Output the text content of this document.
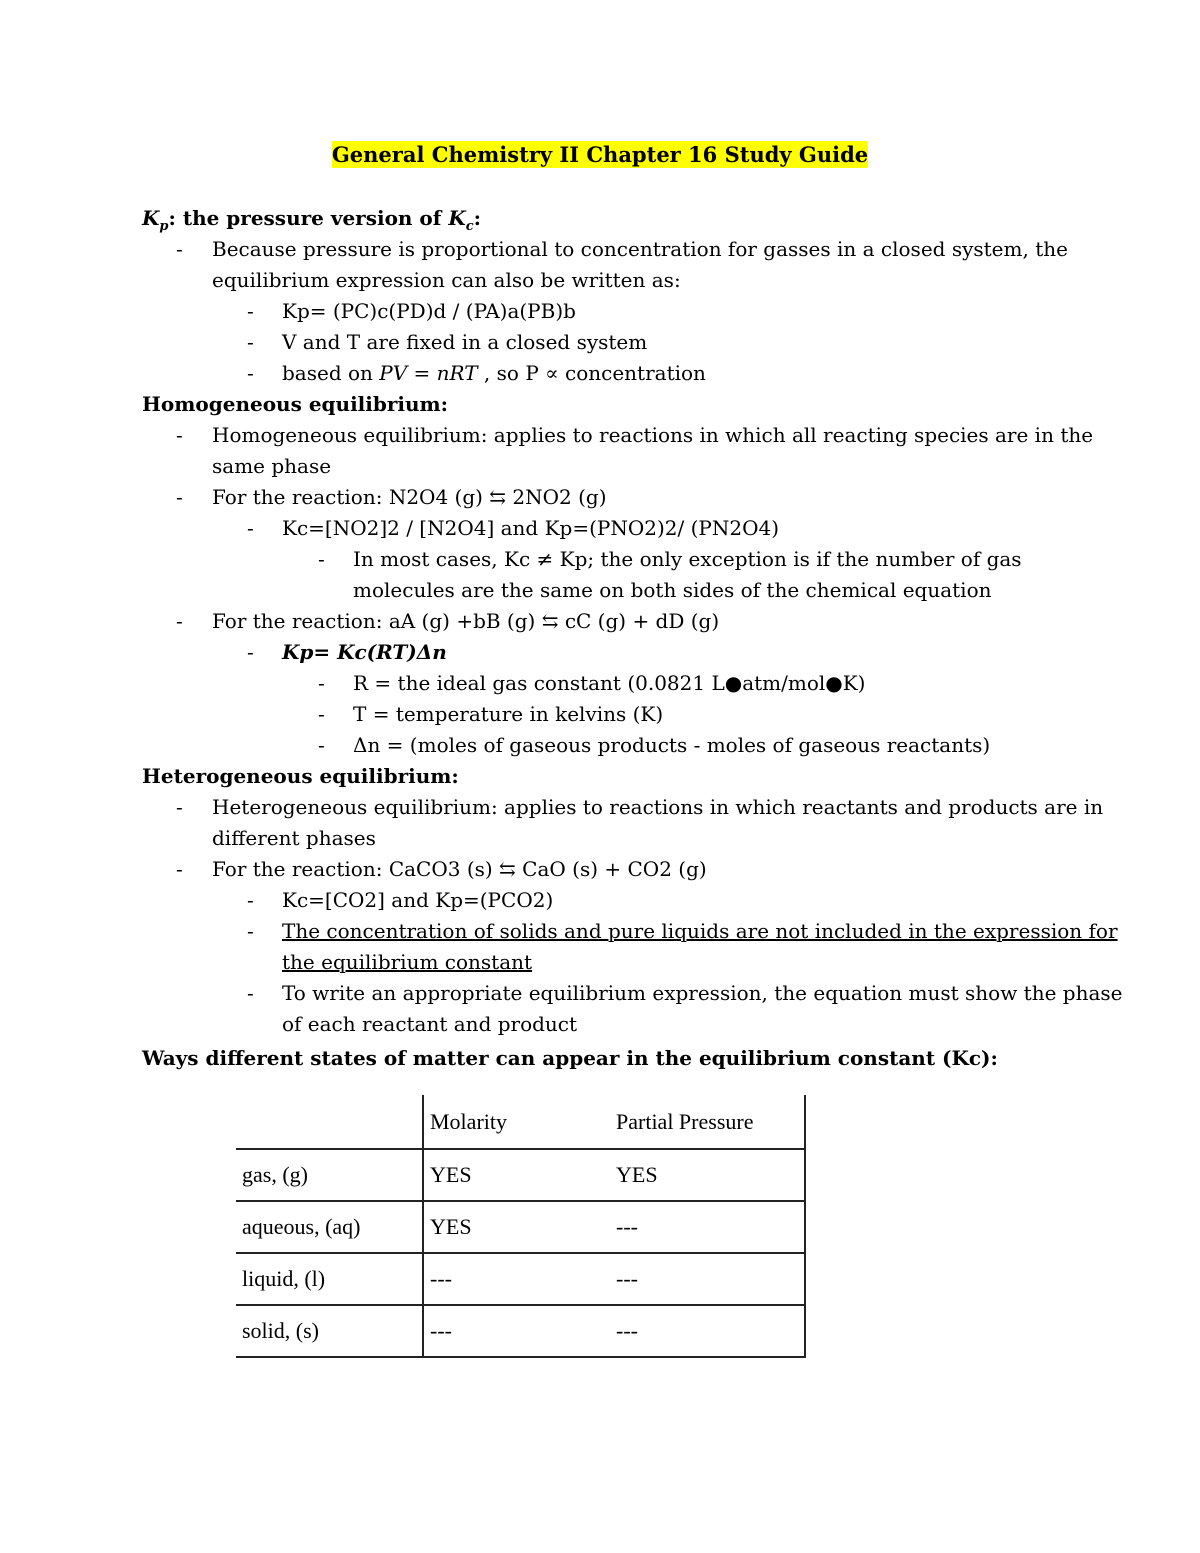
General Chemistry II Chapter 16 Study Guide
$K_p$: the pressure version of $K_c$:
- Because pressure is proportional to concentration for gasses in a closed system, the
equilibrium expression can also be written as:
- Kp= (PC)c(PD)d / (PA)a(PB)b
- V and T are fixed in a closed system
- based on PV = nRT , so P ∝ concentration
Homogeneous equilibrium:
- Homogeneous equilibrium: applies to reactions in which all reacting species are in the
same phase
- For the reaction: N2O4 (g) ⇆ 2NO2 (g)
- Kc=[NO2]2 / [N2O4] and Kp=(PNO2)2/ (PN2O4)
- In most cases, Kc ≠ Kp; the only exception is if the number of gas
molecules are the same on both sides of the chemical equation
- For the reaction: aA (g) +bB (g) ⇆ cC (g) + dD (g)
- Kp= Kc(RT)Δn
- R = the ideal gas constant (0.0821 L●atm/mol●K)
- T = temperature in kelvins (K)
- Δn = (moles of gaseous products - moles of gaseous reactants)
Heterogeneous equilibrium:
- Heterogeneous equilibrium: applies to reactions in which reactants and products are in
different phases
- For the reaction: CaCO3 (s) ⇆ CaO (s) + CO2 (g)
- Kc=[CO2] and Kp=(PCO2)
- The concentration of solids and pure liquids are not included in the expression for
the equilibrium constant
- To write an appropriate equilibrium expression, the equation must show the phase
of each reactant and product
Ways different states of matter can appear in the equilibrium constant (Kc):
	Molarity	Partial Pressure
gas, (g)	YES	YES
aqueous, (aq)	YES	---
liquid, (l)	---	---
solid, (s)	---	---
